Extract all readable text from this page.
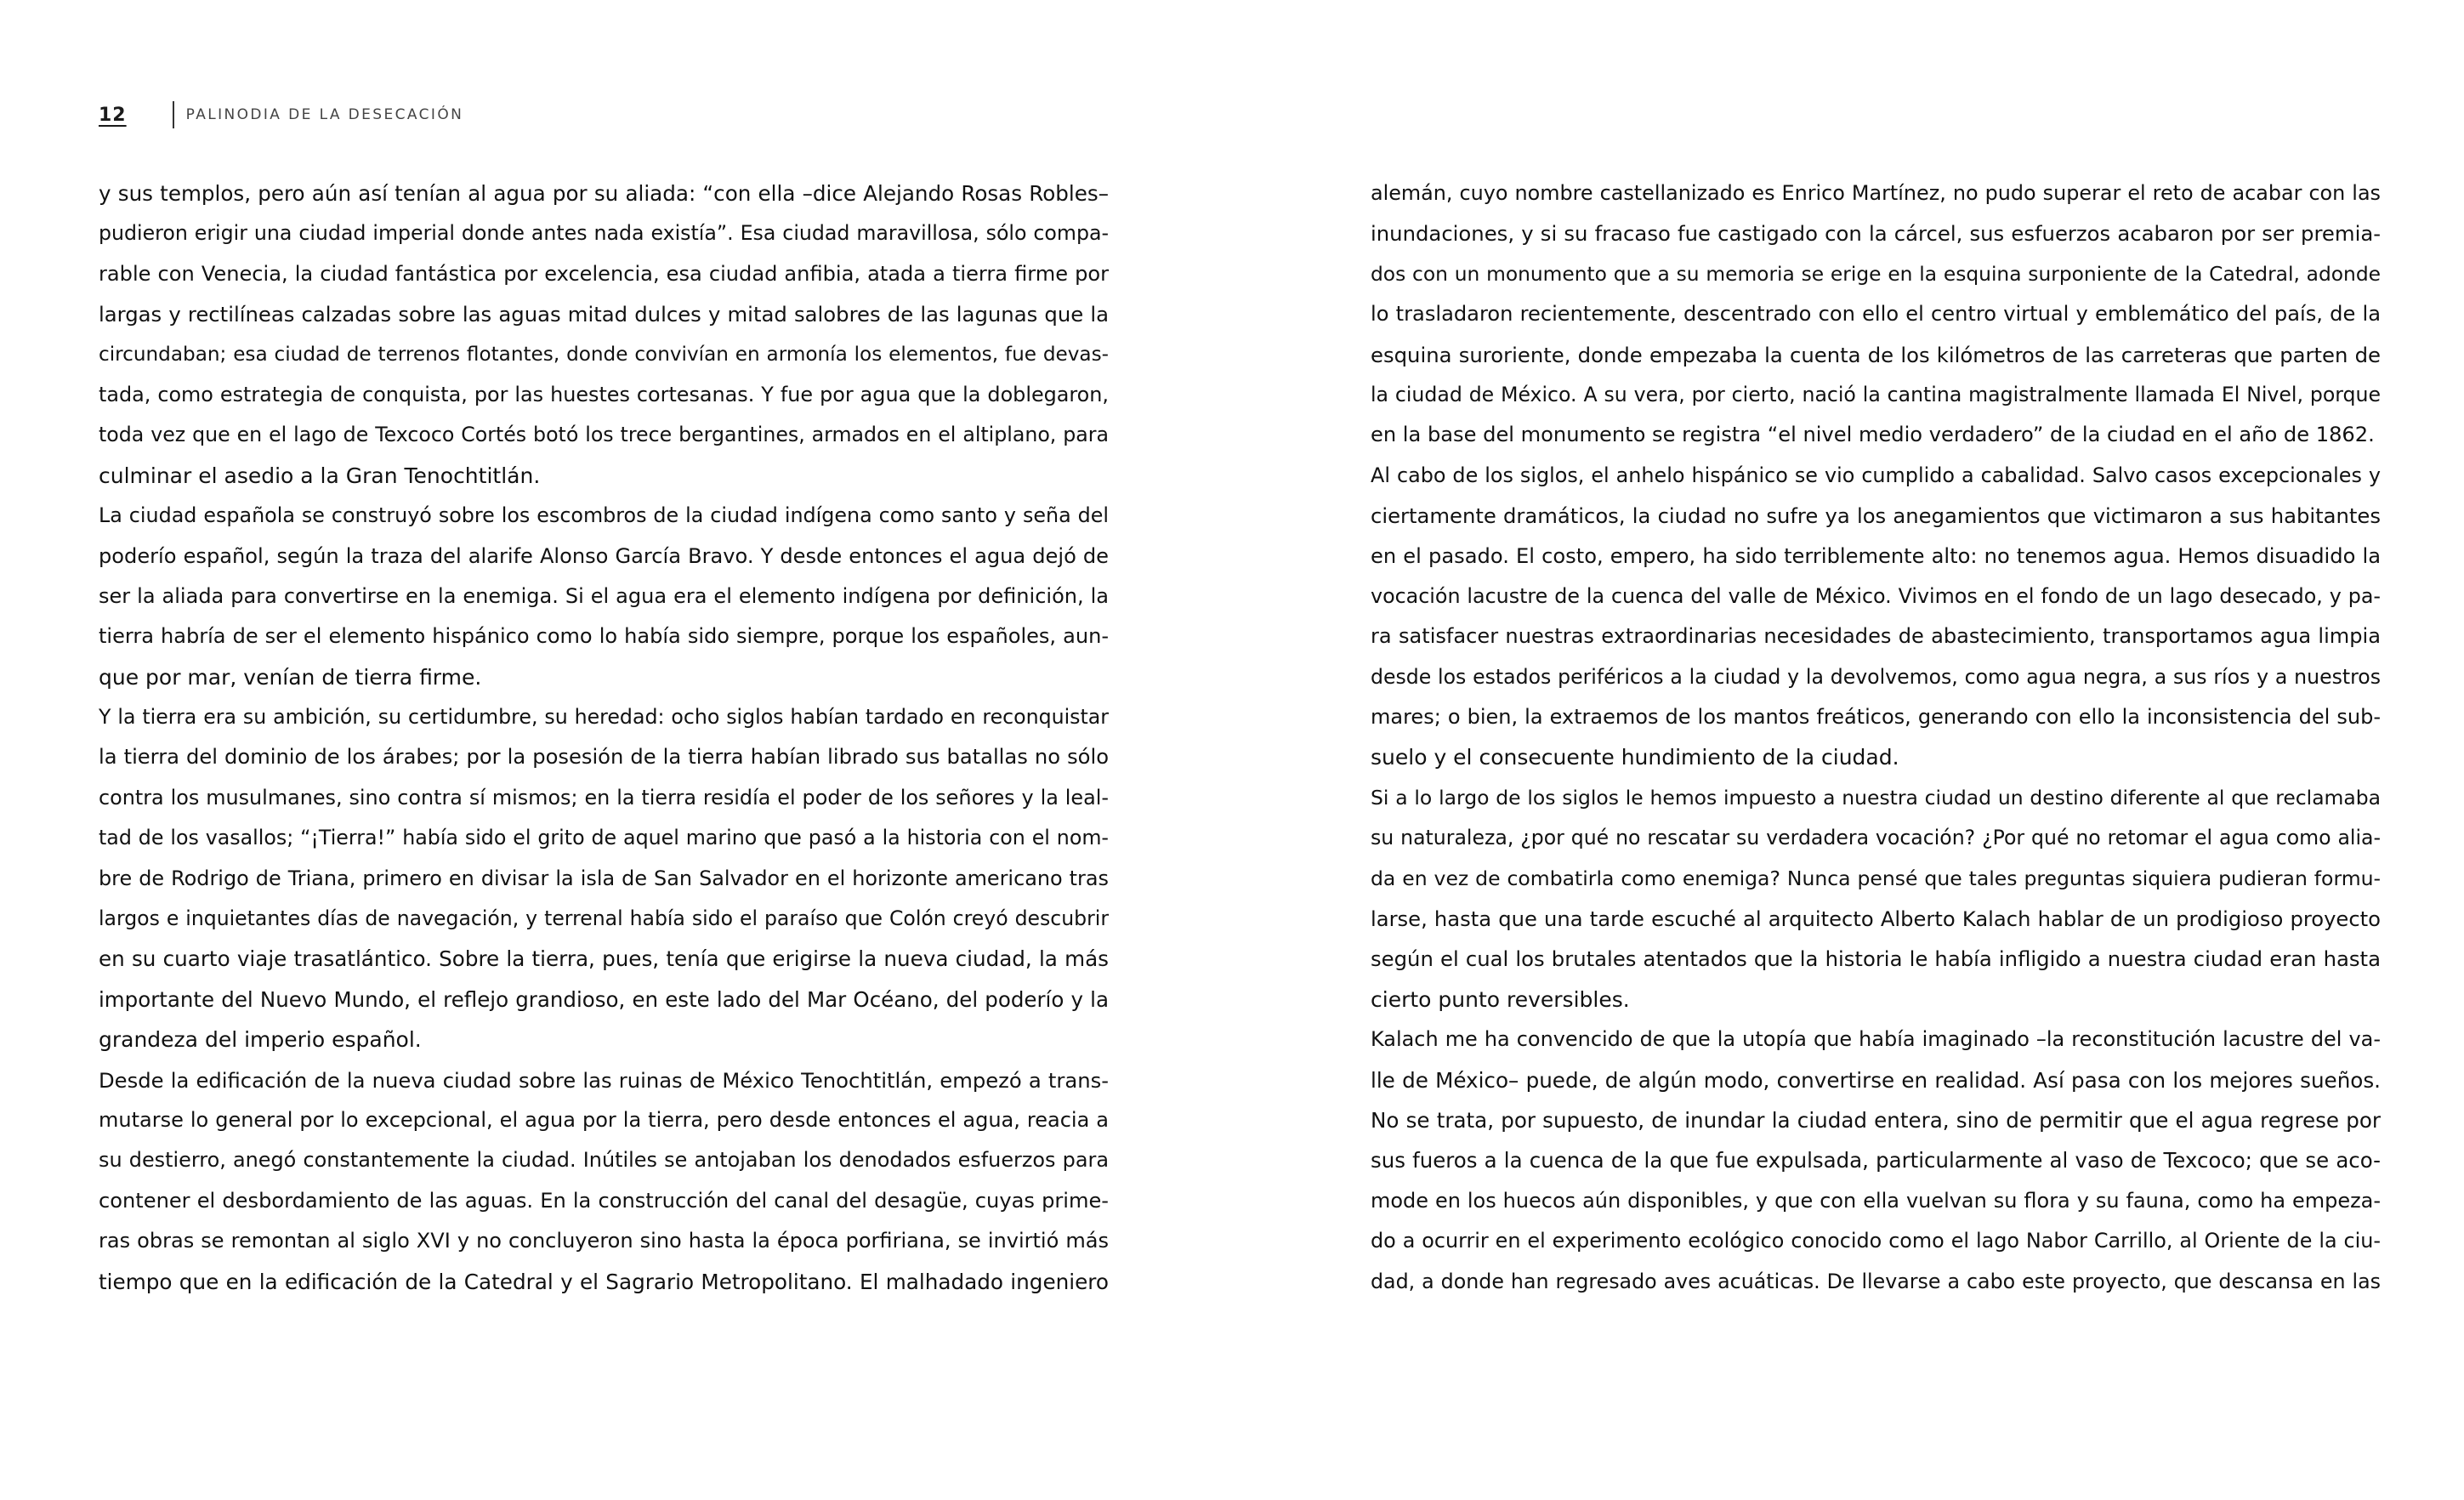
12	PALINODIA DE LA DESECACIÓN
y sus templos, pero aún así tenían al agua por su aliada: “con ella –dice Alejando Rosas Robles–
pudieron erigir una ciudad imperial donde antes nada existía”. Esa ciudad maravillosa, sólo compa-
rable con Venecia, la ciudad fantástica por excelencia, esa ciudad anfibia, atada a tierra firme por
largas y rectilíneas calzadas sobre las aguas mitad dulces y mitad salobres de las lagunas que la
circundaban; esa ciudad de terrenos flotantes, donde convivían en armonía los elementos, fue devas-
tada, como estrategia de conquista, por las huestes cortesanas. Y fue por agua que la doblegaron,
toda vez que en el lago de Texcoco Cortés botó los trece bergantines, armados en el altiplano, para
culminar el asedio a la Gran Tenochtitlán.
La ciudad española se construyó sobre los escombros de la ciudad indígena como santo y seña del
poderío español, según la traza del alarife Alonso García Bravo. Y desde entonces el agua dejó de
ser la aliada para convertirse en la enemiga. Si el agua era el elemento indígena por definición, la
tierra habría de ser el elemento hispánico como lo había sido siempre, porque los españoles, aun-
que por mar, venían de tierra firme.
Y la tierra era su ambición, su certidumbre, su heredad: ocho siglos habían tardado en reconquistar
la tierra del dominio de los árabes; por la posesión de la tierra habían librado sus batallas no sólo
contra los musulmanes, sino contra sí mismos; en la tierra residía el poder de los señores y la leal-
tad de los vasallos; “¡Tierra!” había sido el grito de aquel marino que pasó a la historia con el nom-
bre de Rodrigo de Triana, primero en divisar la isla de San Salvador en el horizonte americano tras
largos e inquietantes días de navegación, y terrenal había sido el paraíso que Colón creyó descubrir
en su cuarto viaje trasatlántico. Sobre la tierra, pues, tenía que erigirse la nueva ciudad, la más
importante del Nuevo Mundo, el reflejo grandioso, en este lado del Mar Océano, del poderío y la
grandeza del imperio español.
Desde la edificación de la nueva ciudad sobre las ruinas de México Tenochtitlán, empezó a trans-
mutarse lo general por lo excepcional, el agua por la tierra, pero desde entonces el agua, reacia a
su destierro, anegó constantemente la ciudad. Inútiles se antojaban los denodados esfuerzos para
contener el desbordamiento de las aguas. En la construcción del canal del desagüe, cuyas prime-
ras obras se remontan al siglo XVI y no concluyeron sino hasta la época porfiriana, se invirtió más
tiempo que en la edificación de la Catedral y el Sagrario Metropolitano. El malhadado ingeniero
alemán, cuyo nombre castellanizado es Enrico Martínez, no pudo superar el reto de acabar con las
inundaciones, y si su fracaso fue castigado con la cárcel, sus esfuerzos acabaron por ser premia-
dos con un monumento que a su memoria se erige en la esquina surponiente de la Catedral, adonde
lo trasladaron recientemente, descentrado con ello el centro virtual y emblemático del país, de la
esquina suroriente, donde empezaba la cuenta de los kilómetros de las carreteras que parten de
la ciudad de México. A su vera, por cierto, nació la cantina magistralmente llamada El Nivel, porque
en la base del monumento se registra “el nivel medio verdadero” de la ciudad en el año de 1862.
Al cabo de los siglos, el anhelo hispánico se vio cumplido a cabalidad. Salvo casos excepcionales y
ciertamente dramáticos, la ciudad no sufre ya los anegamientos que victimaron a sus habitantes
en el pasado. El costo, empero, ha sido terriblemente alto: no tenemos agua. Hemos disuadido la
vocación lacustre de la cuenca del valle de México. Vivimos en el fondo de un lago desecado, y pa-
ra satisfacer nuestras extraordinarias necesidades de abastecimiento, transportamos agua limpia
desde los estados periféricos a la ciudad y la devolvemos, como agua negra, a sus ríos y a nuestros
mares; o bien, la extraemos de los mantos freáticos, generando con ello la inconsistencia del sub-
suelo y el consecuente hundimiento de la ciudad.
Si a lo largo de los siglos le hemos impuesto a nuestra ciudad un destino diferente al que reclamaba
su naturaleza, ¿por qué no rescatar su verdadera vocación? ¿Por qué no retomar el agua como alia-
da en vez de combatirla como enemiga? Nunca pensé que tales preguntas siquiera pudieran formu-
larse, hasta que una tarde escuché al arquitecto Alberto Kalach hablar de un prodigioso proyecto
según el cual los brutales atentados que la historia le había infligido a nuestra ciudad eran hasta
cierto punto reversibles.
Kalach me ha convencido de que la utopía que había imaginado –la reconstitución lacustre del va-
lle de México– puede, de algún modo, convertirse en realidad. Así pasa con los mejores sueños.
No se trata, por supuesto, de inundar la ciudad entera, sino de permitir que el agua regrese por
sus fueros a la cuenca de la que fue expulsada, particularmente al vaso de Texcoco; que se aco-
mode en los huecos aún disponibles, y que con ella vuelvan su flora y su fauna, como ha empeza-
do a ocurrir en el experimento ecológico conocido como el lago Nabor Carrillo, al Oriente de la ciu-
dad, a donde han regresado aves acuáticas. De llevarse a cabo este proyecto, que descansa en las
